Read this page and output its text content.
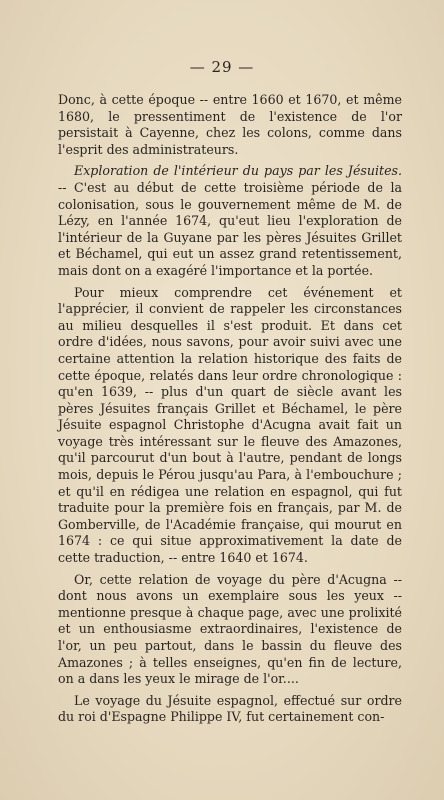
— 29 —

Donc, à cette époque -- entre 1660 et 1670, et même 1680, le pressentiment de l'existence de l'or persistait à Cayenne, chez les colons, comme dans l'esprit des administrateurs.

Exploration de l'intérieur du pays par les Jésuites. -- C'est au début de cette troisième période de la colonisation, sous le gouvernement même de M. de Lézy, en l'année 1674, qu'eut lieu l'exploration de l'intérieur de la Guyane par les pères Jésuites Grillet et Béchamel, qui eut un assez grand retentissement, mais dont on a exagéré l'importance et la portée.

Pour mieux comprendre cet événement et l'apprécier, il convient de rappeler les circonstances au milieu desquelles il s'est produit. Et dans cet ordre d'idées, nous savons, pour avoir suivi avec une certaine attention la relation historique des faits de cette époque, relatés dans leur ordre chronologique : qu'en 1639, -- plus d'un quart de siècle avant les pères Jésuites français Grillet et Béchamel, le père Jésuite espagnol Christophe d'Acugna avait fait un voyage très intéressant sur le fleuve des Amazones, qu'il parcourut d'un bout à l'autre, pendant de longs mois, depuis le Pérou jusqu'au Para, à l'embouchure ; et qu'il en rédigea une relation en espagnol, qui fut traduite pour la première fois en français, par M. de Gomberville, de l'Académie française, qui mourut en 1674 : ce qui situe approximativement la date de cette traduction, -- entre 1640 et 1674.

Or, cette relation de voyage du père d'Acugna -- dont nous avons un exemplaire sous les yeux -- mentionne presque à chaque page, avec une prolixité et un enthousiasme extraordinaires, l'existence de l'or, un peu partout, dans le bassin du fleuve des Amazones ; à telles enseignes, qu'en fin de lecture, on a dans les yeux le mirage de l'or....

Le voyage du Jésuite espagnol, effectué sur ordre du roi d'Espagne Philippe IV, fut certainement con-
